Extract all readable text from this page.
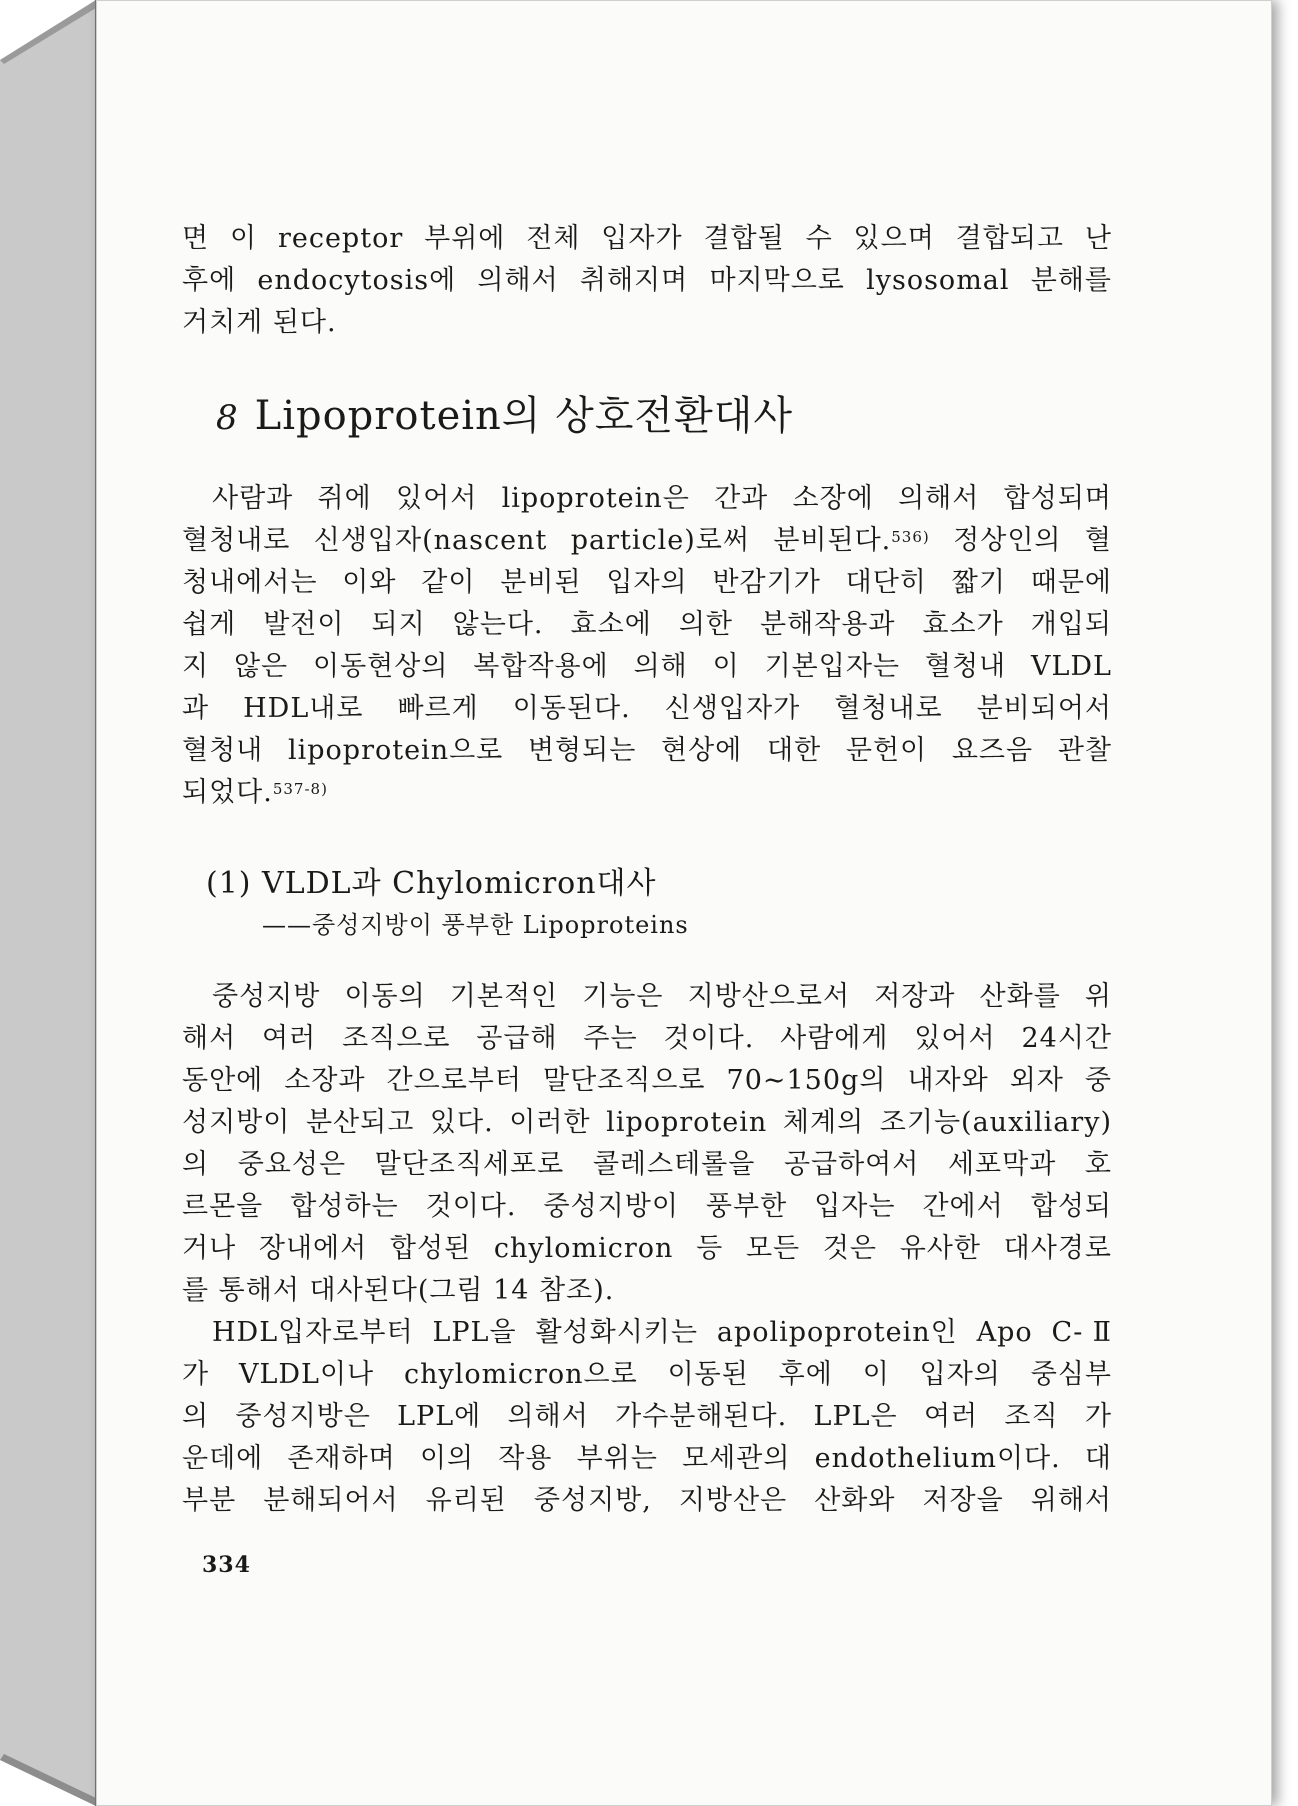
면 이 receptor 부위에 전체 입자가 결합될 수 있으며 결합되고 난
후에 endocytosis에 의해서 취해지며 마지막으로 lysosomal 분해를
거치게 된다.
8 Lipoprotein의 상호전환대사
사람과 쥐에 있어서 lipoprotein은 간과 소장에 의해서 합성되며
혈청내로 신생입자(nascent particle)로써 분비된다.$^{536)}$ 정상인의 혈
청내에서는 이와 같이 분비된 입자의 반감기가 대단히 짧기 때문에
쉽게 발전이 되지 않는다. 효소에 의한 분해작용과 효소가 개입되
지 않은 이동현상의 복합작용에 의해 이 기본입자는 혈청내 VLDL
과 HDL내로 빠르게 이동된다. 신생입자가 혈청내로 분비되어서
혈청내 lipoprotein으로 변형되는 현상에 대한 문헌이 요즈음 관찰
되었다.$^{537-8)}$
(1) VLDL과 Chylomicron대사
——중성지방이 풍부한 Lipoproteins
중성지방 이동의 기본적인 기능은 지방산으로서 저장과 산화를 위
해서 여러 조직으로 공급해 주는 것이다. 사람에게 있어서 24시간
동안에 소장과 간으로부터 말단조직으로 70∼150g의 내자와 외자 중
성지방이 분산되고 있다. 이러한 lipoprotein 체계의 조기능(auxiliary)
의 중요성은 말단조직세포로 콜레스테롤을 공급하여서 세포막과 호
르몬을 합성하는 것이다. 중성지방이 풍부한 입자는 간에서 합성되
거나 장내에서 합성된 chylomicron 등 모든 것은 유사한 대사경로
를 통해서 대사된다(그림 14 참조).
HDL입자로부터 LPL을 활성화시키는 apolipoprotein인 Apo C-Ⅱ
가 VLDL이나 chylomicron으로 이동된 후에 이 입자의 중심부
의 중성지방은 LPL에 의해서 가수분해된다. LPL은 여러 조직 가
운데에 존재하며 이의 작용 부위는 모세관의 endothelium이다. 대
부분 분해되어서 유리된 중성지방, 지방산은 산화와 저장을 위해서
334
